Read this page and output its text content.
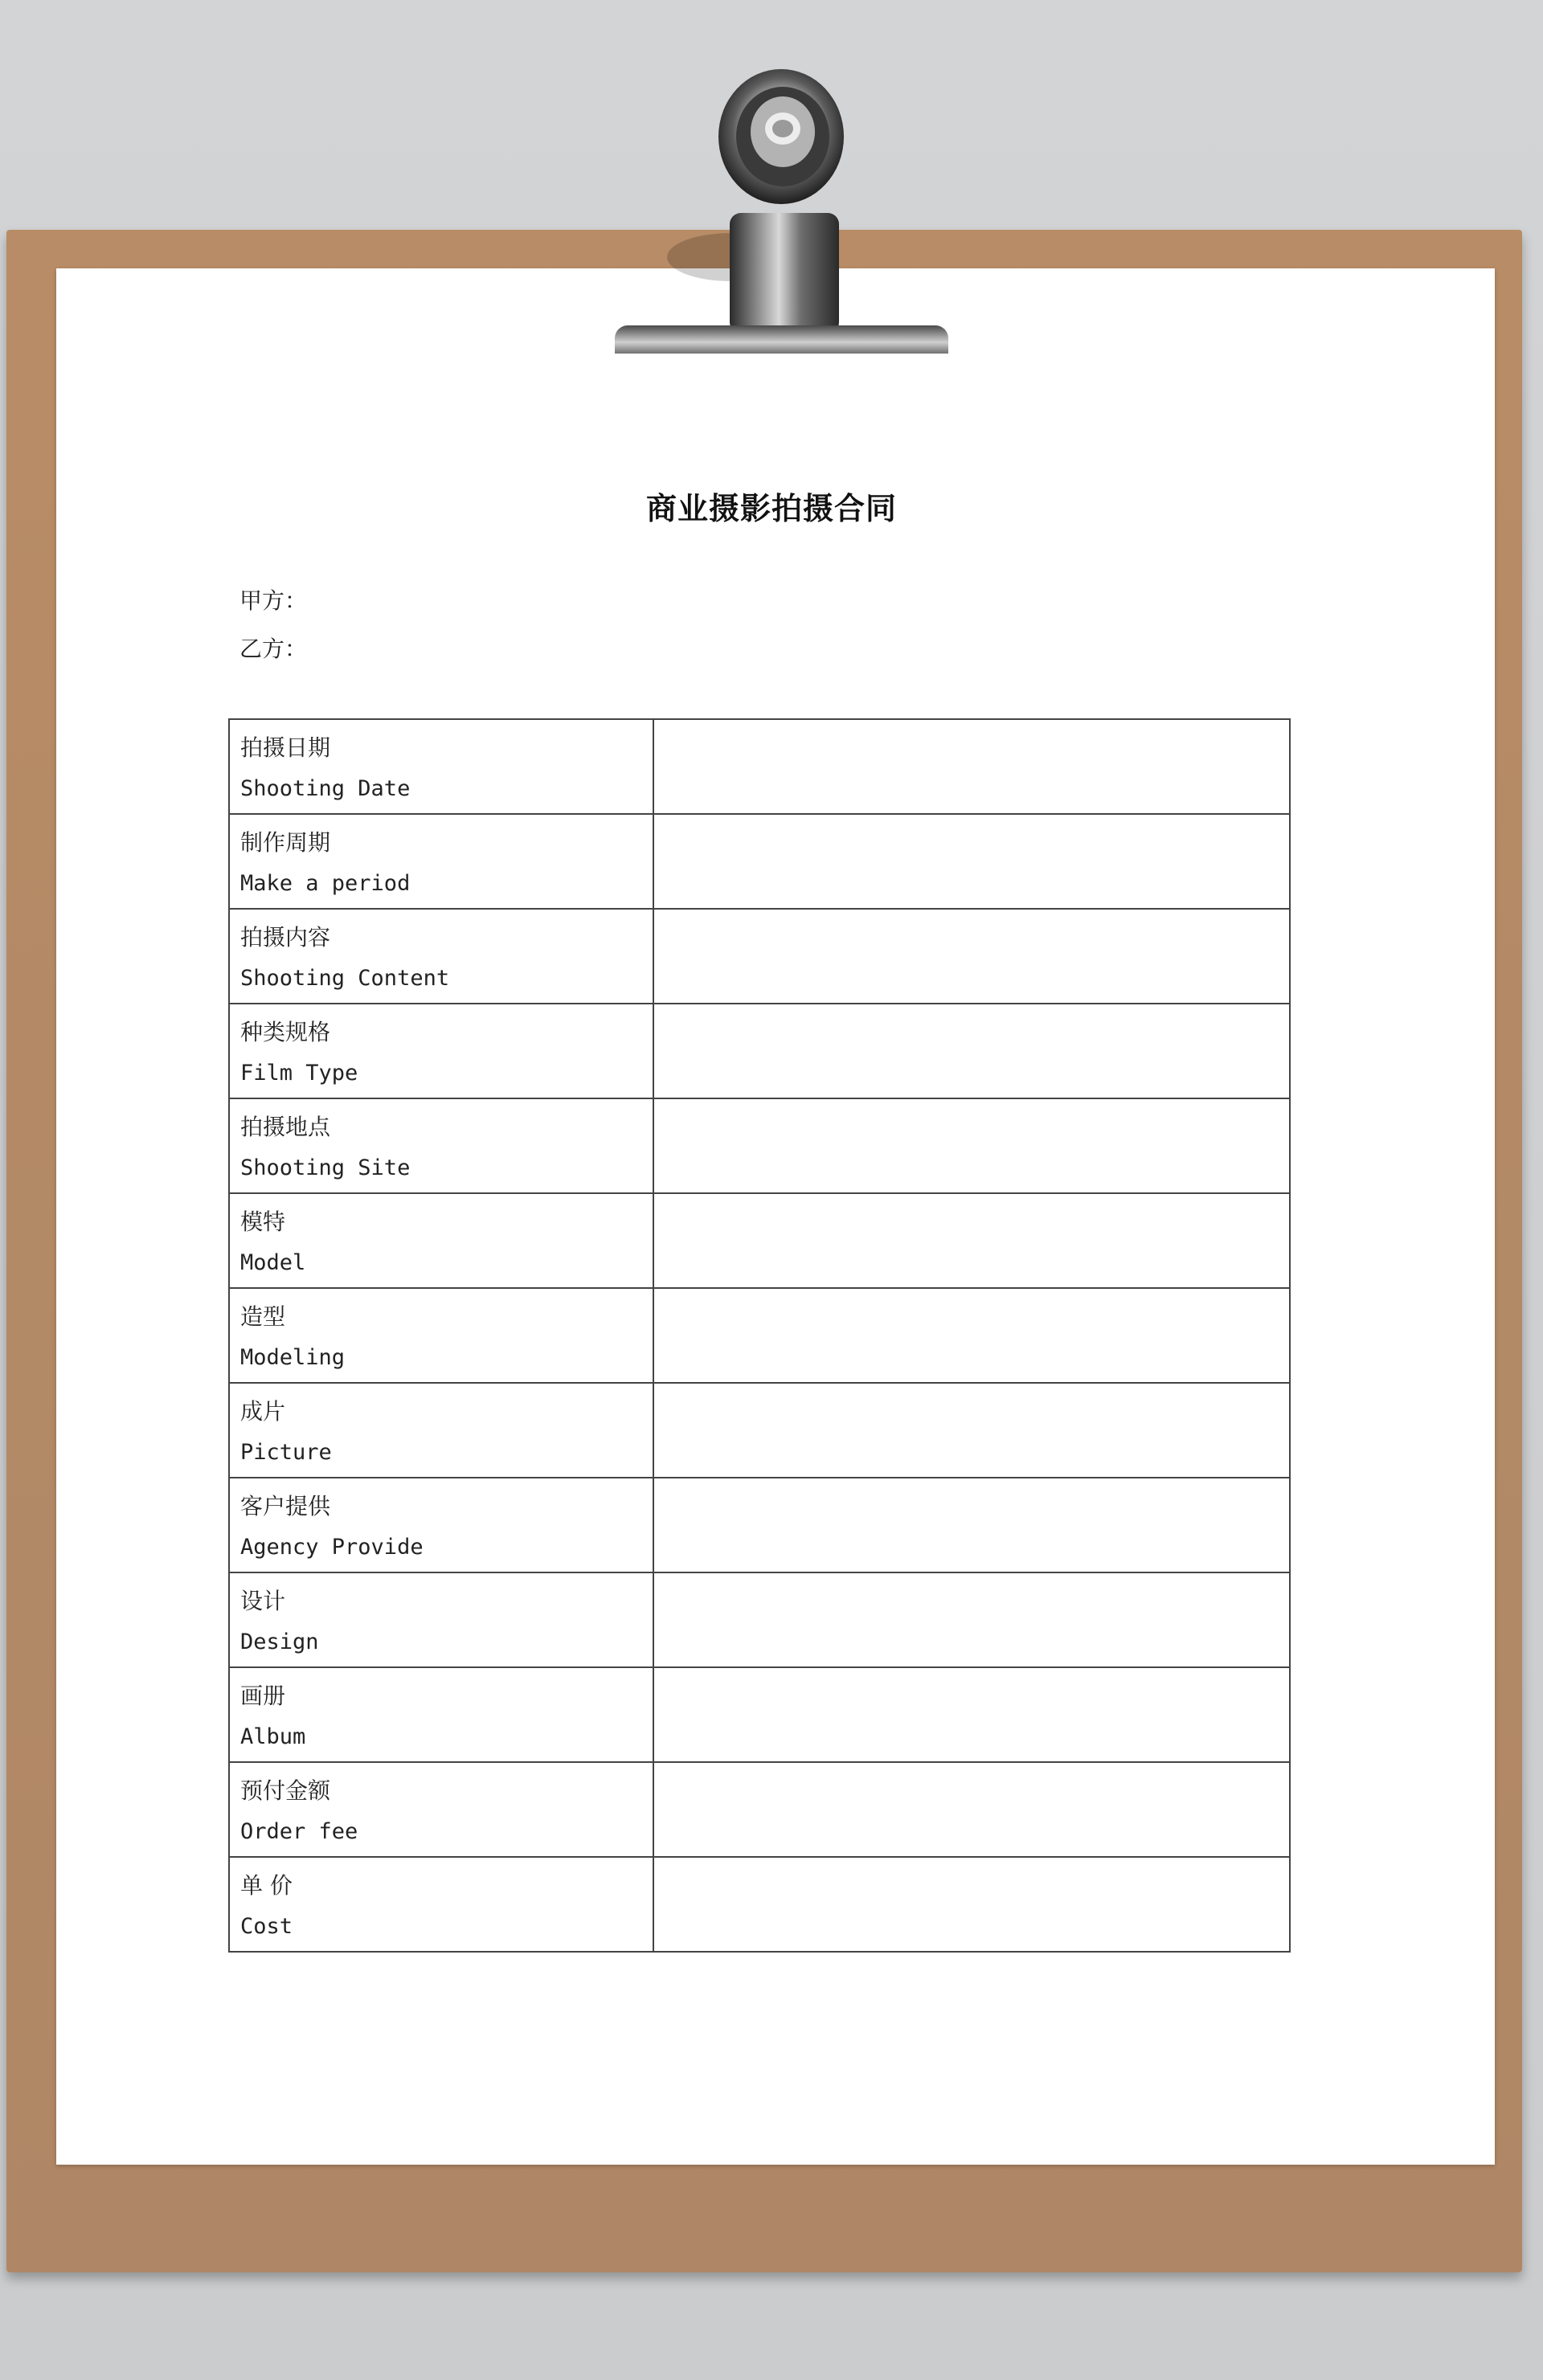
商业摄影拍摄合同
甲方：
乙方：
拍摄日期
Shooting Date	

制作周期
Make a period	

拍摄内容
Shooting Content	

种类规格
Film Type	

拍摄地点
Shooting Site	

模特
Model	

造型
Modeling	

成片
Picture	

客户提供
Agency Provide	

设计
Design	

画册
Album	

预付金额
Order fee	

单 价
Cost	
